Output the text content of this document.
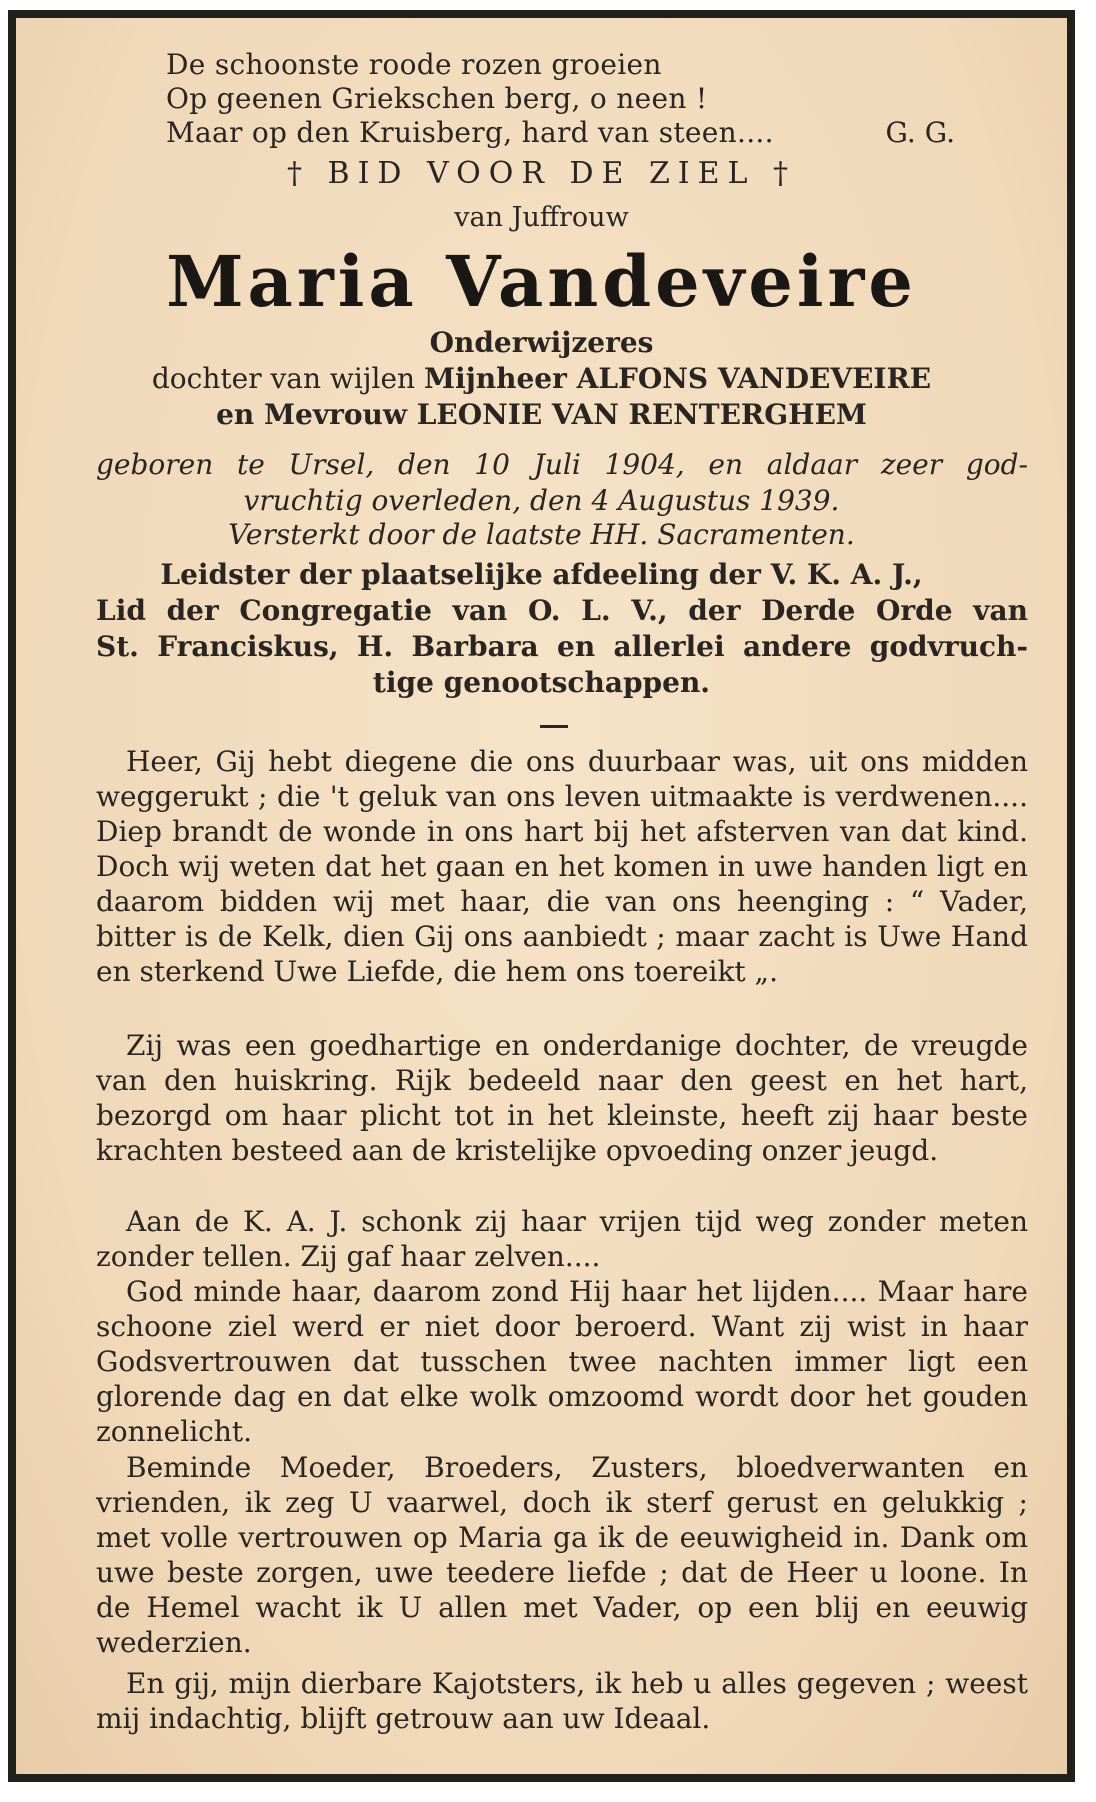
De schoonste roode rozen groeien

Op geenen Griekschen berg, o neen !

Maar op den Kruisberg, hard van steen....	G. G.

† BID VOOR DE ZIEL †

van Juffrouw

Maria Vandeveire

Onderwijzeres

dochter van wijlen Mijnheer ALFONS VANDEVEIRE

en Mevrouw LEONIE VAN RENTERGHEM

geboren te Ursel, den 10 Juli 1904, en aldaar zeer god-

vruchtig overleden, den 4 Augustus 1939.

Versterkt door de laatste HH. Sacramenten.

Leidster der plaatselijke afdeeling der V. K. A. J.,

Lid der Congregatie van O. L. V., der Derde Orde van

St. Franciskus, H. Barbara en allerlei andere godvruch-

tige genootschappen.

Heer, Gij hebt diegene die ons duurbaar was, uit ons midden weggerukt ; die 't geluk van ons leven uitmaakte is verdwenen.... Diep brandt de wonde in ons hart bij het afsterven van dat kind. Doch wij weten dat het gaan en het komen in uwe handen ligt en daarom bidden wij met haar, die van ons heenging : “ Vader, bitter is de Kelk, dien Gij ons aanbiedt ; maar zacht is Uwe Hand en sterkend Uwe Liefde, die hem ons toereikt „.

Zij was een goedhartige en onderdanige dochter, de vreugde van den huiskring. Rijk bedeeld naar den geest en het hart, bezorgd om haar plicht tot in het kleinste, heeft zij haar beste krachten besteed aan de kristelijke opvoeding onzer jeugd.

Aan de K. A. J. schonk zij haar vrijen tijd weg zonder meten zonder tellen. Zij gaf haar zelven....

God minde haar, daarom zond Hij haar het lijden.... Maar hare schoone ziel werd er niet door beroerd. Want zij wist in haar Godsvertrouwen dat tusschen twee nachten immer ligt een glorende dag en dat elke wolk omzoomd wordt door het gouden zonnelicht.

Beminde Moeder, Broeders, Zusters, bloedverwanten en vrienden, ik zeg U vaarwel, doch ik sterf gerust en gelukkig ; met volle vertrouwen op Maria ga ik de eeuwigheid in. Dank om uwe beste zorgen, uwe teedere liefde ; dat de Heer u loone. In de Hemel wacht ik U allen met Vader, op een blij en eeuwig wederzien.

En gij, mijn dierbare Kajotsters, ik heb u alles gegeven ; weest mij indachtig, blijft getrouw aan uw Ideaal.
